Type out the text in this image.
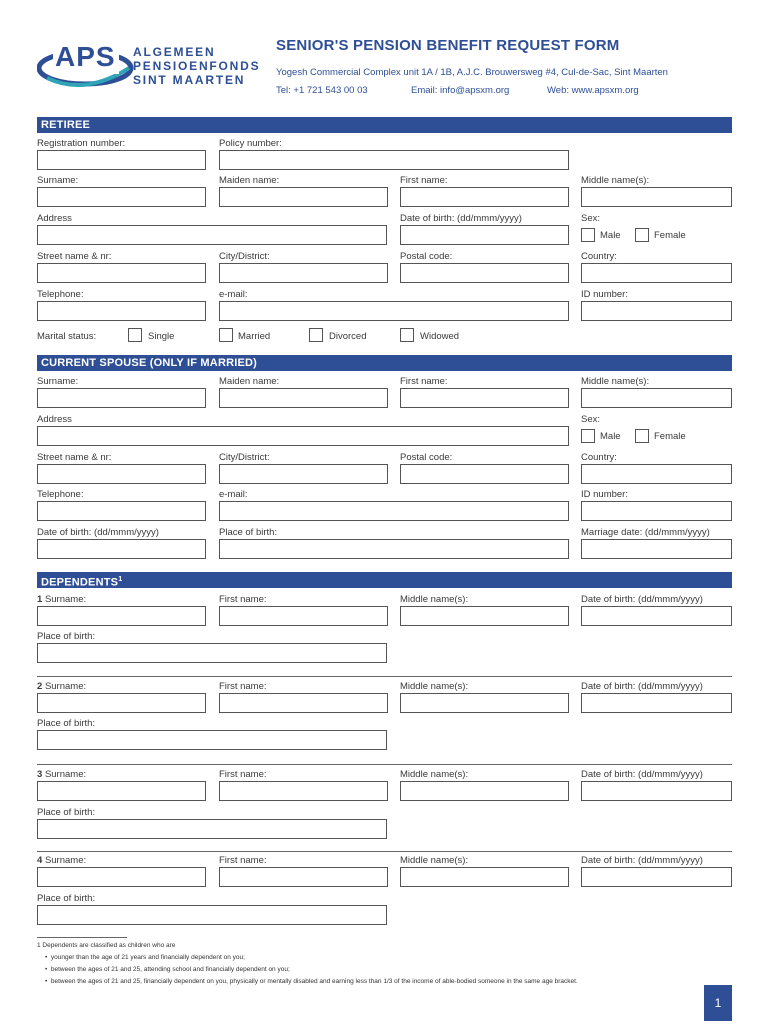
APS ALGEMEEN
PENSIOENFONDS
SINT MAARTEN
SENIOR'S PENSION BENEFIT REQUEST FORM
Yogesh Commercial Complex unit 1A / 1B, A.J.C. Brouwersweg #4, Cul-de-Sac, Sint Maarten
Tel: +1 721 543 00 03	Email: info@apsxm.org	Web: www.apsxm.org
RETIREE
Registration number:	Policy number:
Surname:	Maiden name:	First name:	Middle name(s):
Address	Date of birth: (dd/mmm/yyyy)	Sex:
Male	Female
Street name & nr:	City/District:	Postal code:	Country:
Telephone:	e-mail:	ID number:
Marital status:	Single	Married	Divorced	Widowed
CURRENT SPOUSE (ONLY IF MARRIED)
Surname:	Maiden name:	First name:	Middle name(s):
Address	Sex:
Male	Female
Street name & nr:	City/District:	Postal code:	Country:
Telephone:	e-mail:	ID number:
Date of birth: (dd/mmm/yyyy)	Place of birth:	Marriage date: (dd/mmm/yyyy)
DEPENDENTS$^1$
1 Surname:	First name:	Middle name(s):	Date of birth: (dd/mmm/yyyy)
Place of birth:
2 Surname:	First name:	Middle name(s):	Date of birth: (dd/mmm/yyyy)
Place of birth:
3 Surname:	First name:	Middle name(s):	Date of birth: (dd/mmm/yyyy)
Place of birth:
4 Surname:	First name:	Middle name(s):	Date of birth: (dd/mmm/yyyy)
Place of birth:
1 Dependents are classified as children who are
•  younger than the age of 21 years and financially dependent on you;
•  between the ages of 21 and 25, attending school and financially dependent on you;
•  between the ages of 21 and 25, financially dependent on you, physically or mentally disabled and earning less than 1/3 of the income of able-bodied someone in the same age bracket.
1
